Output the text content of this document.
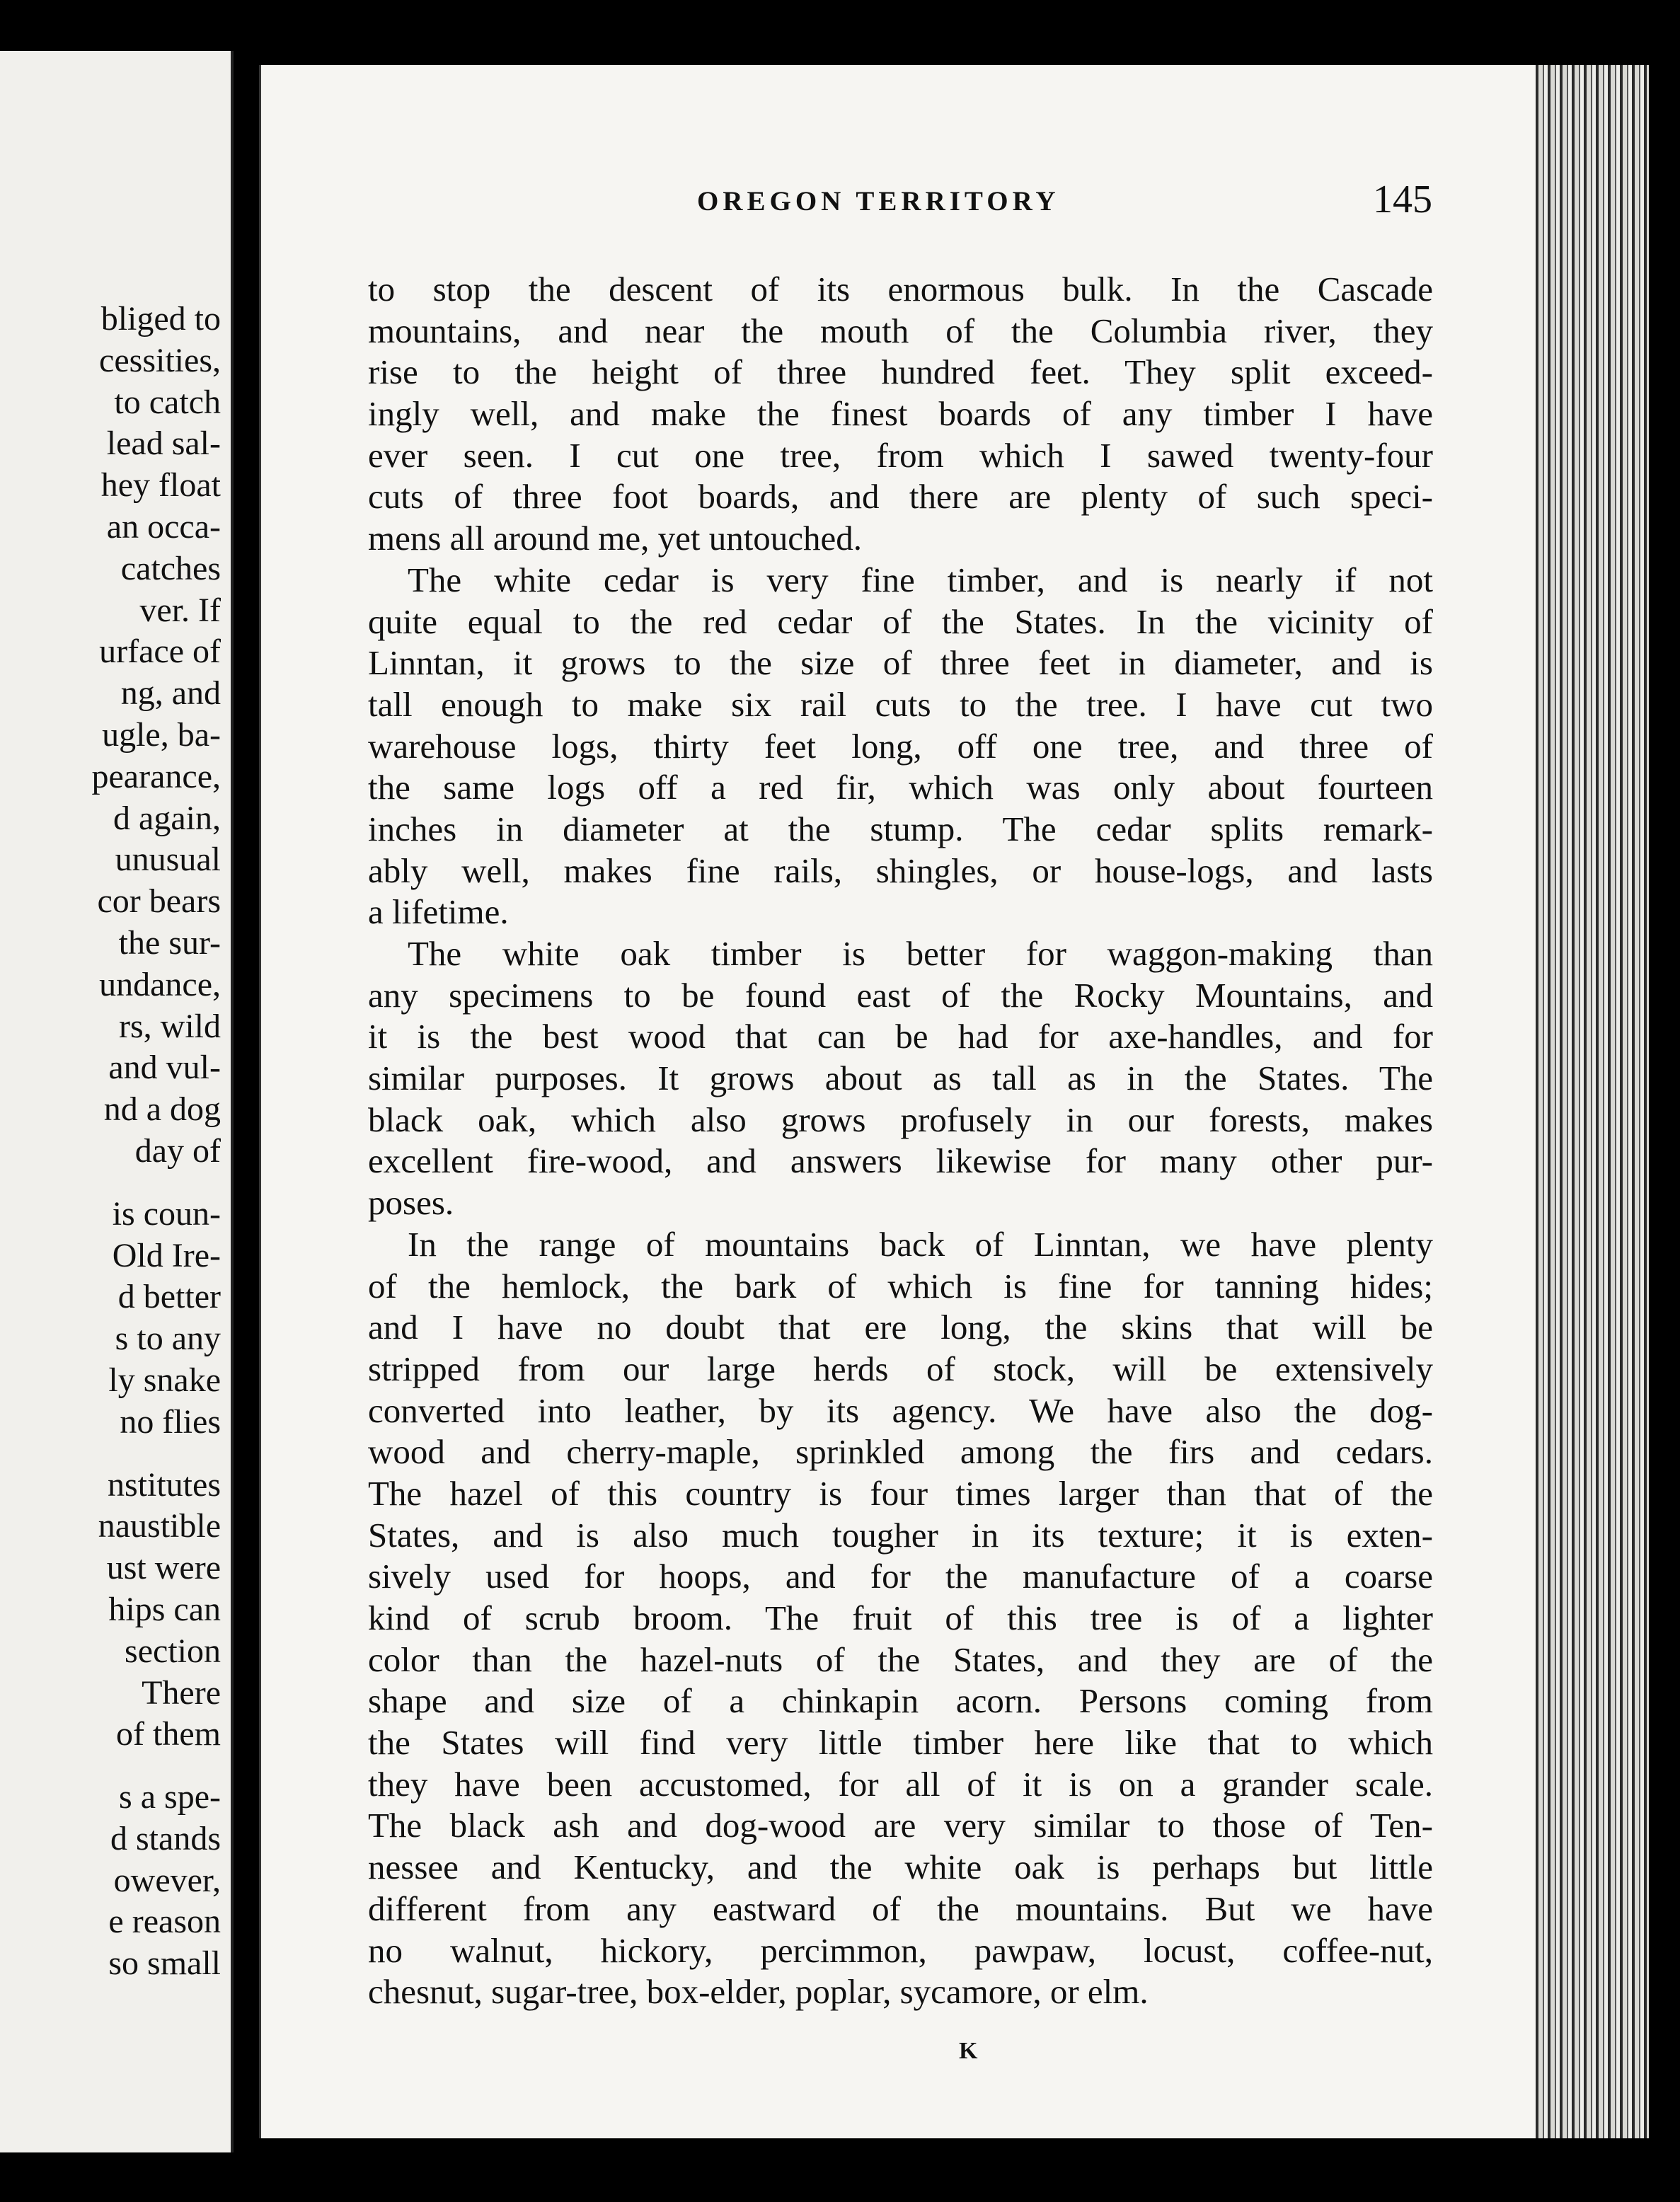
bliged to
cessities,
to catch
lead sal-
hey float
an occa-
catches
ver. If
urface of
ng, and
ugle, ba-
pearance,
d again,
unusual
cor bears
the sur-
undance,
rs, wild
and vul-
nd a dog
day of
is coun-
Old Ire-
d better
s to any
ly snake
no flies
nstitutes
naustible
ust were
hips can
section
There
of them
s a spe-
d stands
owever,
e reason
so small
OREGON TERRITORY	145
to stop the descent of its enormous bulk. In the Cascade
mountains, and near the mouth of the Columbia river, they
rise to the height of three hundred feet. They split exceed-
ingly well, and make the finest boards of any timber I have
ever seen. I cut one tree, from which I sawed twenty-four
cuts of three foot boards, and there are plenty of such speci-
mens all around me, yet untouched.
The white cedar is very fine timber, and is nearly if not
quite equal to the red cedar of the States. In the vicinity of
Linntan, it grows to the size of three feet in diameter, and is
tall enough to make six rail cuts to the tree. I have cut two
warehouse logs, thirty feet long, off one tree, and three of
the same logs off a red fir, which was only about fourteen
inches in diameter at the stump. The cedar splits remark-
ably well, makes fine rails, shingles, or house-logs, and lasts
a lifetime.
The white oak timber is better for waggon-making than
any specimens to be found east of the Rocky Mountains, and
it is the best wood that can be had for axe-handles, and for
similar purposes. It grows about as tall as in the States. The
black oak, which also grows profusely in our forests, makes
excellent fire-wood, and answers likewise for many other pur-
poses.
In the range of mountains back of Linntan, we have plenty
of the hemlock, the bark of which is fine for tanning hides;
and I have no doubt that ere long, the skins that will be
stripped from our large herds of stock, will be extensively
converted into leather, by its agency. We have also the dog-
wood and cherry-maple, sprinkled among the firs and cedars.
The hazel of this country is four times larger than that of the
States, and is also much tougher in its texture; it is exten-
sively used for hoops, and for the manufacture of a coarse
kind of scrub broom. The fruit of this tree is of a lighter
color than the hazel-nuts of the States, and they are of the
shape and size of a chinkapin acorn. Persons coming from
the States will find very little timber here like that to which
they have been accustomed, for all of it is on a grander scale.
The black ash and dog-wood are very similar to those of Ten-
nessee and Kentucky, and the white oak is perhaps but little
different from any eastward of the mountains. But we have
no walnut, hickory, percimmon, pawpaw, locust, coffee-nut,
chesnut, sugar-tree, box-elder, poplar, sycamore, or elm.
K
